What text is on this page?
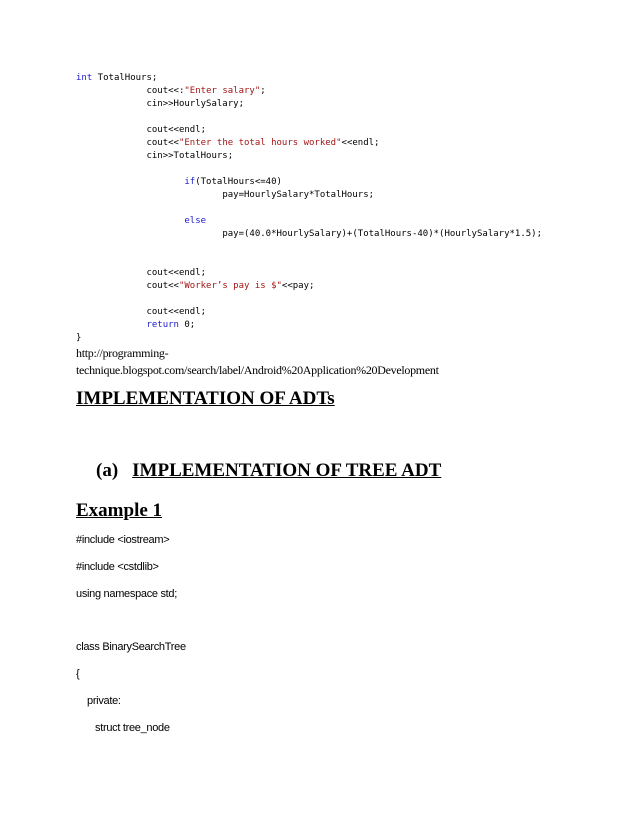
int TotalHours;
cout<<:"Enter salary";
cin>>HourlySalary;

cout<<endl;
cout<<"Enter the total hours worked"<<endl;
cin>>TotalHours;

if(TotalHours<=40)
pay=HourlySalary*TotalHours;

else
pay=(40.0*HourlySalary)+(TotalHours-40)*(HourlySalary*1.5);

cout<<endl;
cout<<"Worker’s pay is $"<<pay;

cout<<endl;
return 0;
}
http://programming-
technique.blogspot.com/search/label/Android%20Application%20Development
IMPLEMENTATION OF ADTs
(a) IMPLEMENTATION OF TREE ADT
Example 1
#include <iostream>
#include <cstdlib>
using namespace std;
class BinarySearchTree
{
private:
struct tree_node
